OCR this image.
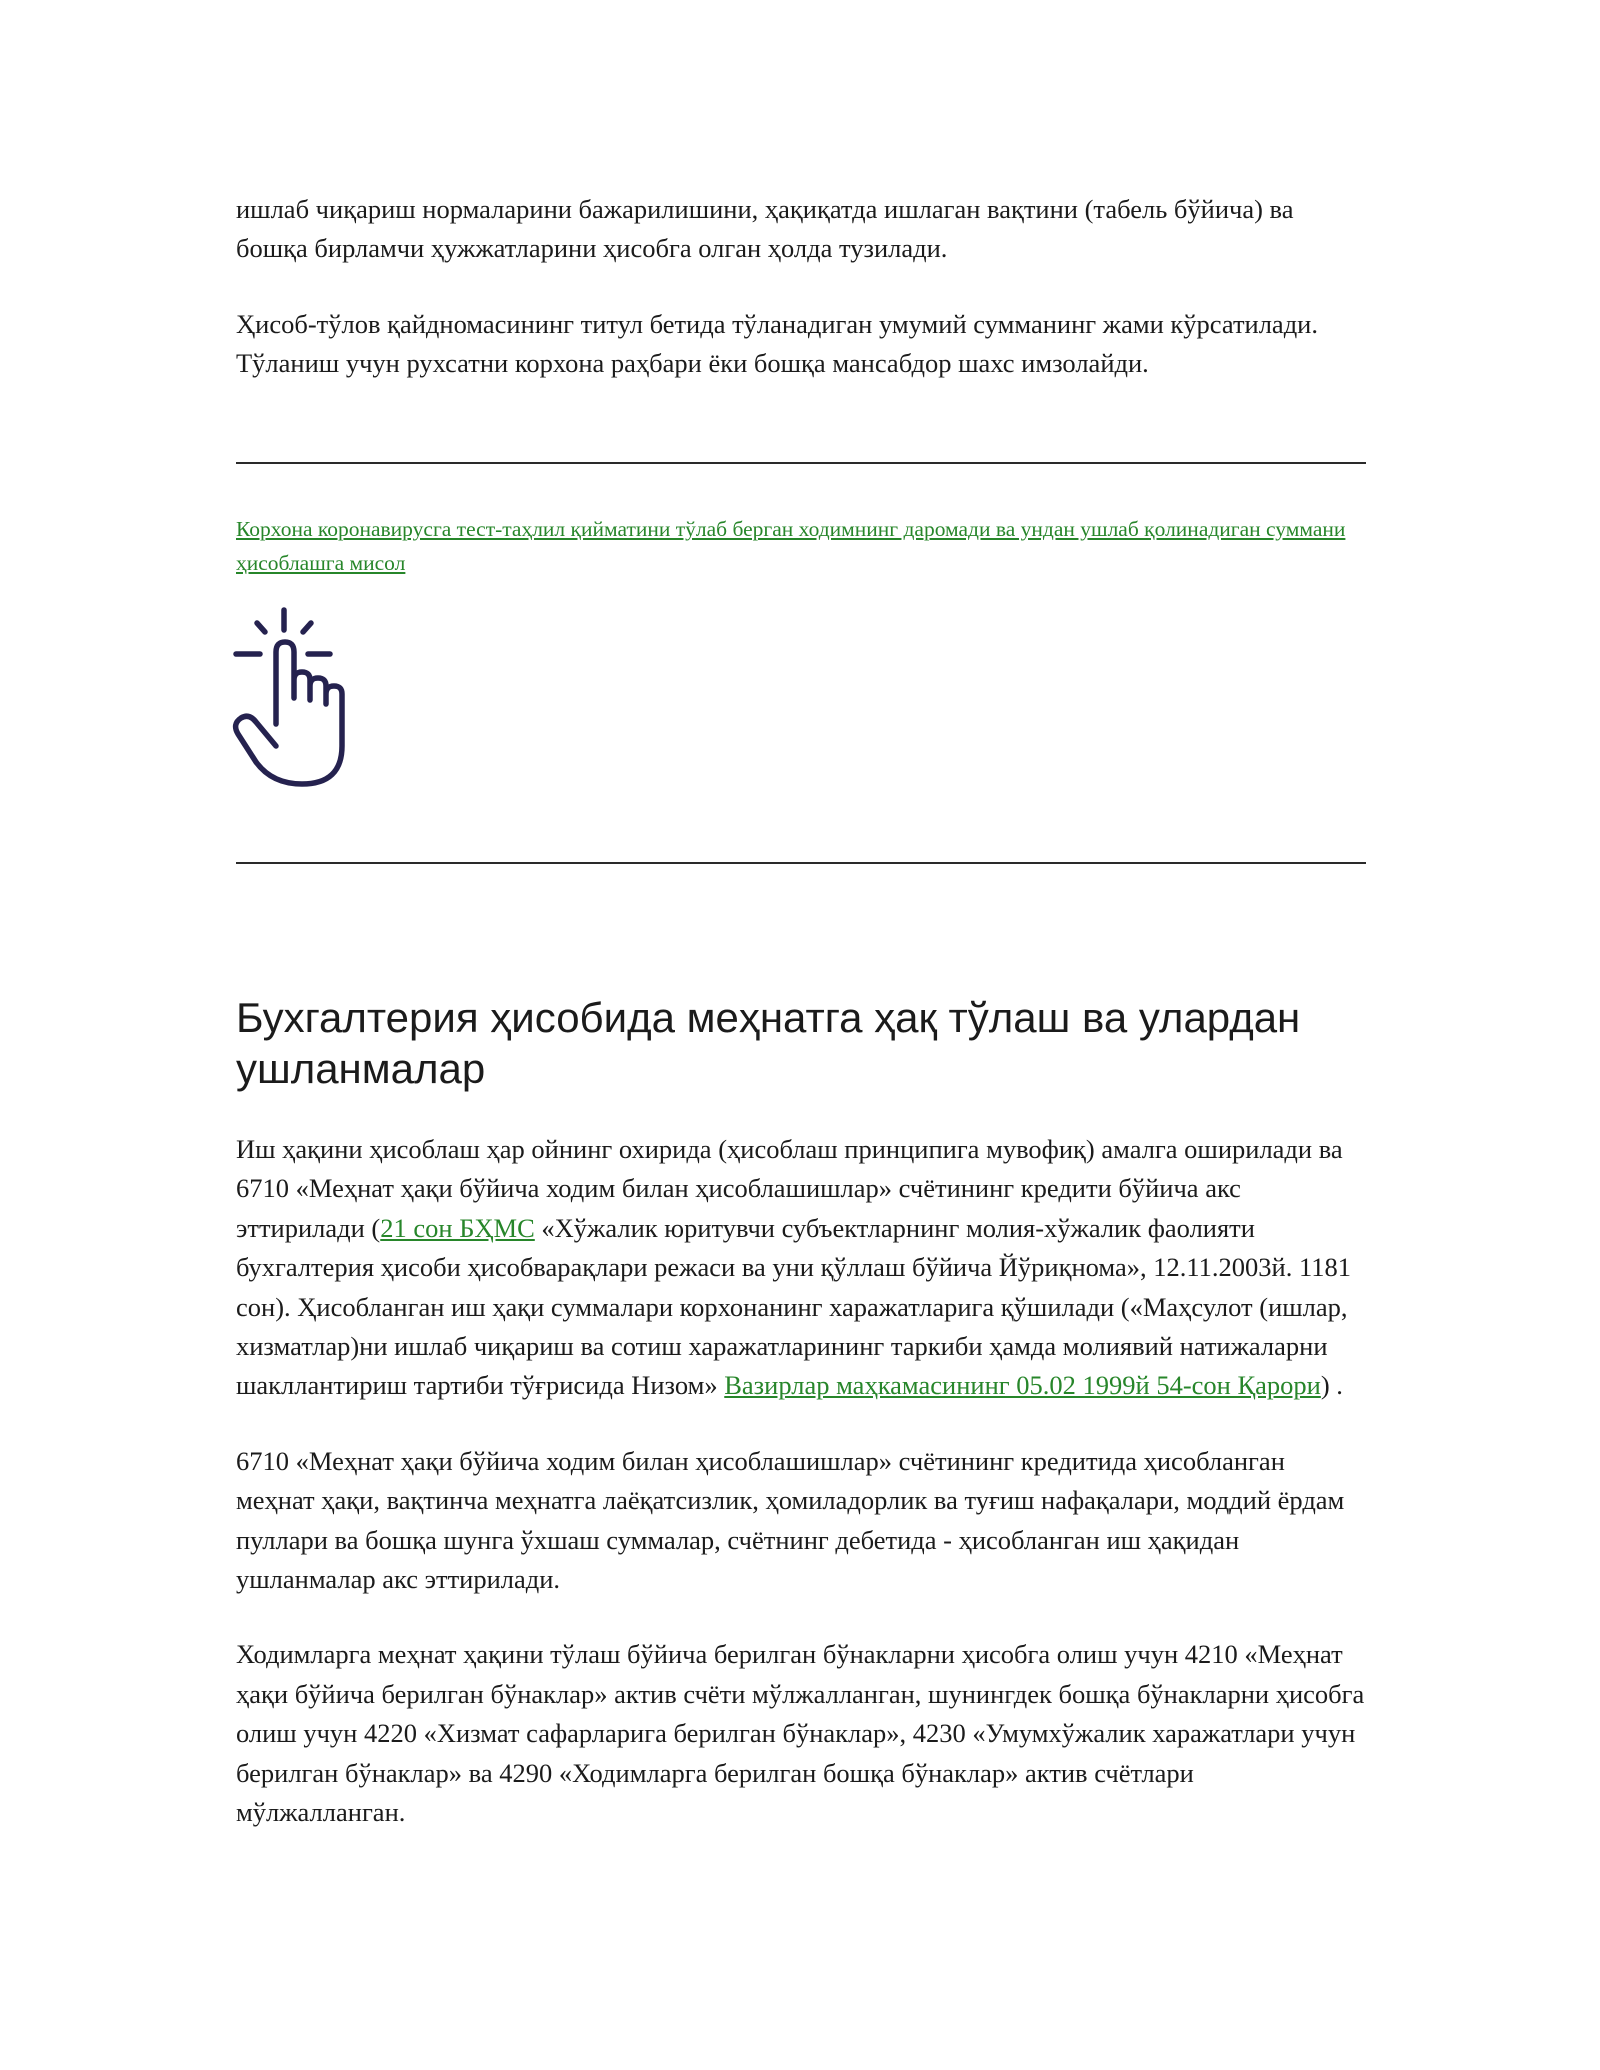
ишлаб чиқариш нормаларини бажарилишини, ҳақиқатда ишлаган вақтини (табель бўйича) ва бошқа бирламчи ҳужжатларини ҳисобга олган ҳолда тузилади.

Ҳисоб-тўлов қайдномасининг титул бетида тўланадиган умумий сумманинг жами кўрсатилади. Тўланиш учун рухсатни корхона раҳбари ёки бошқа мансабдор шахс имзолайди.

Корхона коронавирусга тест-таҳлил қийматини тўлаб берган ходимнинг даромади ва ундан ушлаб қолинадиган суммани ҳисоблашга мисол
Бухгалтерия ҳисобида меҳнатга ҳақ тўлаш ва улардан ушланмалар

Иш ҳақини ҳисоблаш ҳар ойнинг охирида (ҳисоблаш принципига мувофиқ) амалга оширилади ва 6710 «Меҳнат ҳақи бўйича ходим билан ҳисоблашишлар» счётининг кредити бўйича акс эттирилади (21 сон БҲМС «Хўжалик юритувчи субъектларнинг молия-хўжалик фаолияти бухгалтерия ҳисоби ҳисобварақлари режаси ва уни қўллаш бўйича Йўриқнома», 12.11.2003й. 1181 сон). Ҳисобланган иш ҳақи суммалари корхонанинг харажатларига қўшилади («Маҳсулот (ишлар, хизматлар)ни ишлаб чиқариш ва сотиш харажатларининг таркиби ҳамда молиявий натижаларни шакллантириш тартиби тўғрисида Низом» Вазирлар маҳкамасининг 05.02 1999й 54-сон Қарори) .

6710 «Меҳнат ҳақи бўйича ходим билан ҳисоблашишлар» счётининг кредитида ҳисобланган меҳнат ҳақи, вақтинча меҳнатга лаёқатсизлик, ҳомиладорлик ва туғиш нафақалари, моддий ёрдам пуллари ва бошқа шунга ўхшаш суммалар, счётнинг дебетида - ҳисобланган иш ҳақидан ушланмалар акс эттирилади.

Ходимларга меҳнат ҳақини тўлаш бўйича берилган бўнакларни ҳисобга олиш учун 4210 «Меҳнат ҳақи бўйича берилган бўнаклар» актив счёти мўлжалланган, шунингдек бошқа бўнакларни ҳисобга олиш учун 4220 «Хизмат сафарларига берилган бўнаклар», 4230 «Умумхўжалик харажатлари учун берилган бўнаклар» ва 4290 «Ходимларга берилган бошқа бўнаклар» актив счётлари мўлжалланган.
